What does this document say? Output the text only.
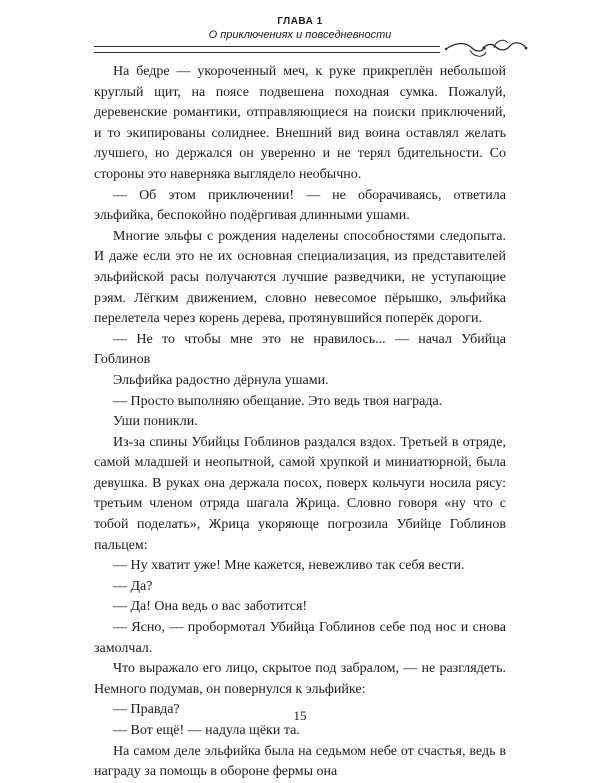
ГЛАВА 1
О приключениях и повседневности

На бедре — укороченный меч, к руке прикреплён небольшой круглый щит, на поясе подвешена походная сумка. Пожалуй, деревенские романтики, отправляющиеся на поиски приключений, и то экипированы солиднее. Внешний вид воина оставлял желать лучшего, но держался он уверенно и не терял бдительности. Со стороны это наверняка выглядело необычно.

— Об этом приключении! — не оборачиваясь, ответила эльфийка, беспокойно подёргивая длинными ушами.

Многие эльфы с рождения наделены способностями следопыта. И даже если это не их основная специализация, из представителей эльфийской расы получаются лучшие разведчики, не уступающие рэям. Лёгким движением, словно невесомое пёрышко, эльфийка перелетела через корень дерева, протянувшийся поперёк дороги.

— Не то чтобы мне это не нравилось... — начал Убийца Гоблинов

Эльфийка радостно дёрнула ушами.

— Просто выполняю обещание. Это ведь твоя награда.

Уши поникли.

Из-за спины Убийцы Гоблинов раздался вздох. Третьей в отряде, самой младшей и неопытной, самой хрупкой и миниатюрной, была девушка. В руках она держала посох, поверх кольчуги носила рясу: третьим членом отряда шагала Жрица. Словно говоря «ну что с тобой поделать», Жрица укоряюще погрозила Убийце Гоблинов пальцем:

— Ну хватит уже! Мне кажется, невежливо так себя вести.

— Да?

— Да! Она ведь о вас заботится!

— Ясно, — пробормотал Убийца Гоблинов себе под нос и снова замолчал.

Что выражало его лицо, скрытое под забралом, — не разглядеть. Немного подумав, он повернулся к эльфийке:

— Правда?

— Вот ещё! — надула щёки та.

На самом деле эльфийка была на седьмом небе от счастья, ведь в награду за помощь в обороне фермы она

15
